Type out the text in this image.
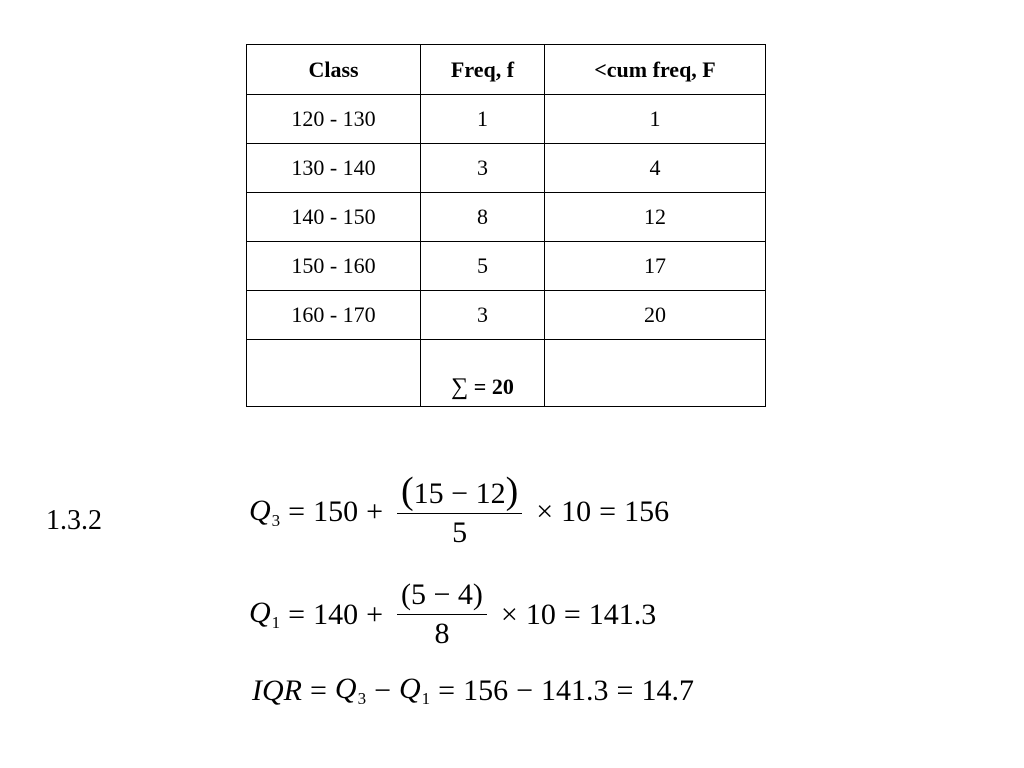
Class	Freq, f	<cum freq, F
120 - 130	1	1
130 - 140	3	4
140 - 150	8	12
150 - 160	5	17
160 - 170	3	20
	∑ = 20	
1.3.2	$Q_3 = 150 + \frac{(15 - 12)}{5} \times 10 = 156$
$Q_1 = 140 + \frac{(5 - 4)}{8} \times 10 = 141.3$
IQR = $Q_3 - Q_1 = 156 - 141.3 = 14.7$
